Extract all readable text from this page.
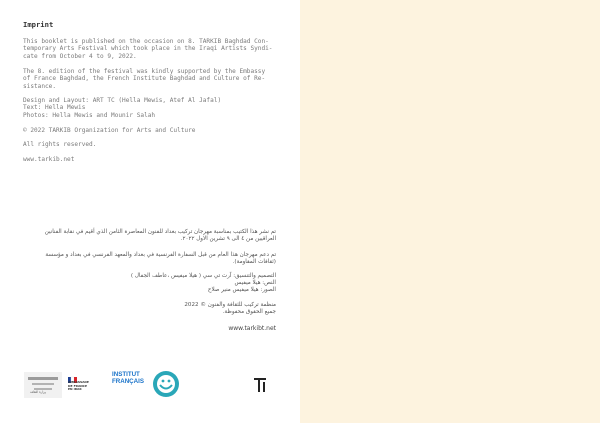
Imprint
This booklet is published on the occasion on 8. TARKIB Baghdad Con-
temporary Arts Festival which took place in the Iraqi Artists Syndi-
cate from October 4 to 9, 2022.
The 8. edition of the festival was kindly supported by the Embassy
of France Baghdad, the French Institute Baghdad and Culture of Re-
sistance.
Design and Layout: ART TC (Hella Mewis, Atef Al Jafal)
Text: Hella Mewis
Photos: Hella Mewis and Mounir Salah
© 2022 TARKIB Organization for Arts and Culture
All rights reserved.
www.tarkib.net
تم نشر هذا الكتيب بمناسبة مهرجان تركيب بغداد للفنون المعاصرة الثامن الذي أقيم في نقابة الفنانين
العراقيين من ٤ الى ٩ تشرين الاول ٢٠٢٢.
تم دعم مهرجان هذا العام من قبل السفارة الفرنسية في بغداد والمعهد الفرنسي في بغداد و مؤسسة
(ثقافات المقاومة).
التصميم والتنسيق: آرت تي سي ( هيلا ميفيس ،عاطف الجفال )
النص: هيلا ميفيس
الصور: هيلا ميفيس منير صلاح
منظمة تركيب للثقافة والفنون © 2022
جميع الحقوق محفوظة.
www.tarkibt.net
وزارة الثقافة
AMBASSADE
DE FRANCE
EN IRAK
INSTITUT
FRANÇAIS
